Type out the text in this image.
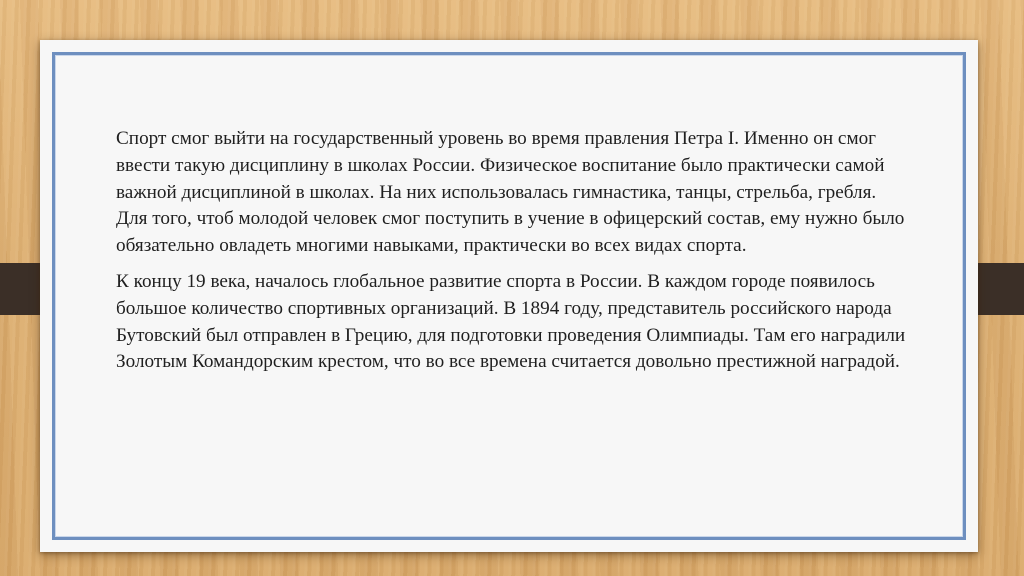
Спорт смог выйти на государственный уровень во время правления Петра I. Именно он смог ввести такую дисциплину в школах России. Физическое воспитание было практически самой важной дисциплиной в школах. На них использовалась гимнастика, танцы, стрельба, гребля. Для того, чтоб молодой человек смог поступить в учение в офицерский состав, ему нужно было обязательно овладеть многими навыками, практически во всех видах спорта.

К концу 19 века, началось глобальное развитие спорта в России. В каждом городе появилось большое количество спортивных организаций. В 1894 году, представитель российского народа Бутовский был отправлен в Грецию, для подготовки проведения Олимпиады. Там его наградили Золотым Командорским крестом, что во все времена считается довольно престижной наградой.
